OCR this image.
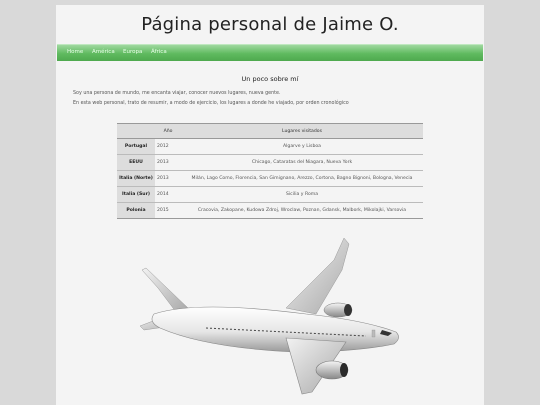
Página personal de Jaime O.
Home América Europa África
Un poco sobre mí
Soy una persona de mundo, me encanta viajar, conocer nuevos lugares, nueva gente.
En esta web personal, trato de resumir, a modo de ejercicio, los lugares a donde he viajado, por orden cronológico
	Año	Lugares visitados
Portugal	2012	Algarve y Lisboa
EEUU	2013	Chicago, Cataratas del Niagara, Nueva York
Italia (Norte)	2013	Milán, Lago Como, Florencia, San Gimignano, Arezzo, Cortona, Bagno Bignoni, Bologna, Venecia
Italia (Sur)	2014	Sicilia y Roma
Polonia	2015	Cracovia, Zakopane, Kudowa Zdroj, Wroclaw, Poznan, Gdansk, Malbork, Mikolajki, Varsovia
